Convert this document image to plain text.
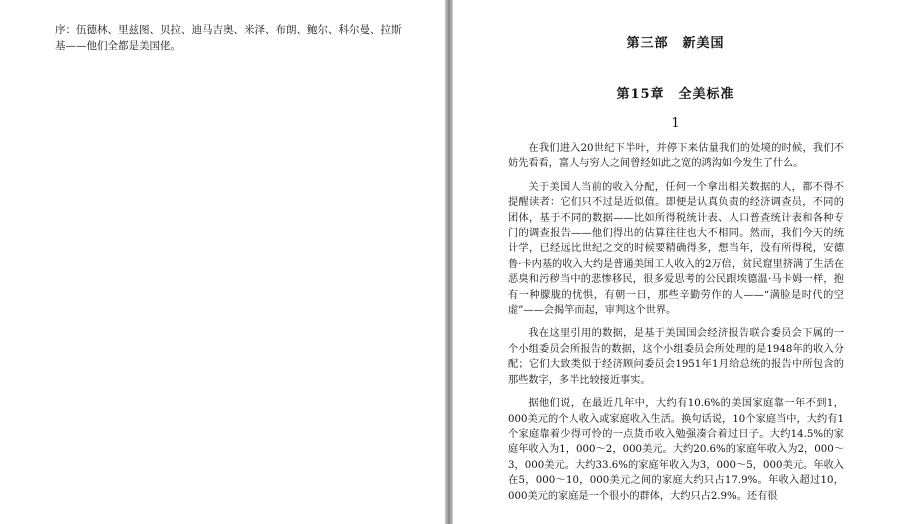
序：伍德林、里兹图、贝拉、迪马吉奥、米泽、布朗、鲍尔、科尔曼、拉斯基——他们全都是美国佬。	第三部　新美国
第15章　全美标准
1

在我们进入20世纪下半叶，并停下来估量我们的处境的时候，我们不妨先看看，富人与穷人之间曾经如此之宽的鸿沟如今发生了什么。

关于美国人当前的收入分配，任何一个拿出相关数据的人，都不得不提醒读者：它们只不过是近似值。即便是认真负责的经济调查员，不同的团体，基于不同的数据——比如所得税统计表、人口普查统计表和各种专门的调查报告——他们得出的估算往往也大不相同。然而，我们今天的统计学，已经远比世纪之交的时候要精确得多，想当年，没有所得税，安德鲁·卡内基的收入大约是普通美国工人收入的2万倍，贫民窟里挤满了生活在恶臭和污秽当中的悲惨移民，很多爱思考的公民跟埃德温·马卡姆一样，抱有一种朦胧的忧惧，有朝一日，那些辛勤劳作的人——“满脸是时代的空虚”——会揭竿而起，审判这个世界。

我在这里引用的数据，是基于美国国会经济报告联合委员会下属的一个小组委员会所报告的数据，这个小组委员会所处理的是1948年的收入分配；它们大致类似于经济顾问委员会1951年1月给总统的报告中所包含的那些数字，多半比较接近事实。

据他们说，在最近几年中，大约有10.6%的美国家庭靠一年不到1，000美元的个人收入或家庭收入生活。换句话说，10个家庭当中，大约有1个家庭靠着少得可怜的一点货币收入勉强凑合着过日子。大约14.5%的家庭年收入为1，000～2，000美元。大约20.6%的家庭年收入为2，000～3，000美元。大约33.6%的家庭年收入为3，000～5，000美元。年收入在5，000～10，000美元之间的家庭大约只占17.9%。年收入超过10，000美元的家庭是一个很小的群体，大约只占2.9%。还有很
